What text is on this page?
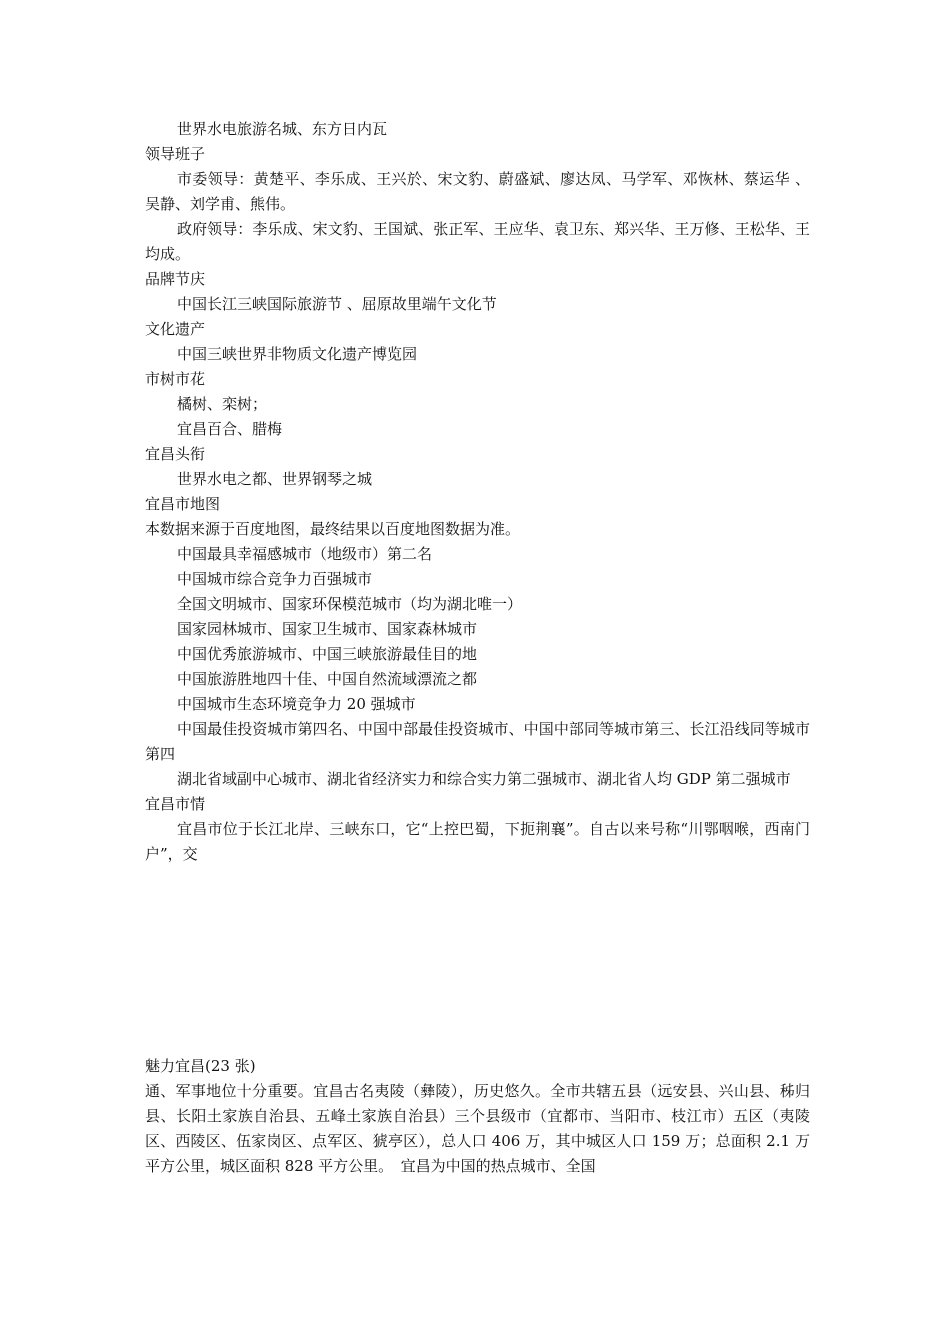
世界水电旅游名城、东方日内瓦

领导班子

市委领导：黄楚平、李乐成、王兴於、宋文豹、蔚盛斌、廖达凤、马学军、邓恢林、蔡运华 、吴静、刘学甫、熊伟。

政府领导：李乐成、宋文豹、王国斌、张正军、王应华、袁卫东、郑兴华、王万修、王松华、王均成。

品牌节庆

中国长江三峡国际旅游节 、屈原故里端午文化节

文化遗产

中国三峡世界非物质文化遗产博览园

市树市花

橘树、栾树；

宜昌百合、腊梅

宜昌头衔

世界水电之都、世界钢琴之城

宜昌市地图

本数据来源于百度地图，最终结果以百度地图数据为准。

中国最具幸福感城市（地级市）第二名

中国城市综合竞争力百强城市

全国文明城市、国家环保模范城市（均为湖北唯一）

国家园林城市、国家卫生城市、国家森林城市

中国优秀旅游城市、中国三峡旅游最佳目的地

中国旅游胜地四十佳、中国自然流域漂流之都

中国城市生态环境竞争力 20 强城市

中国最佳投资城市第四名、中国中部最佳投资城市、中国中部同等城市第三、长江沿线同等城市第四

湖北省域副中心城市、湖北省经济实力和综合实力第二强城市、湖北省人均 GDP 第二强城市

宜昌市情

宜昌市位于长江北岸、三峡东口，它“上控巴蜀，下扼荆襄”。自古以来号称“川鄂咽喉，西南门户”，交

魅力宜昌(23 张)

通、军事地位十分重要。宜昌古名夷陵（彝陵），历史悠久。全市共辖五县（远安县、兴山县、秭归县、长阳土家族自治县、五峰土家族自治县）三个县级市（宜都市、当阳市、枝江市）五区（夷陵区、西陵区、伍家岗区、点军区、猇亭区），总人口 406 万，其中城区人口 159 万；总面积 2.1 万平方公里，城区面积 828 平方公里。　宜昌为中国的热点城市、全国
